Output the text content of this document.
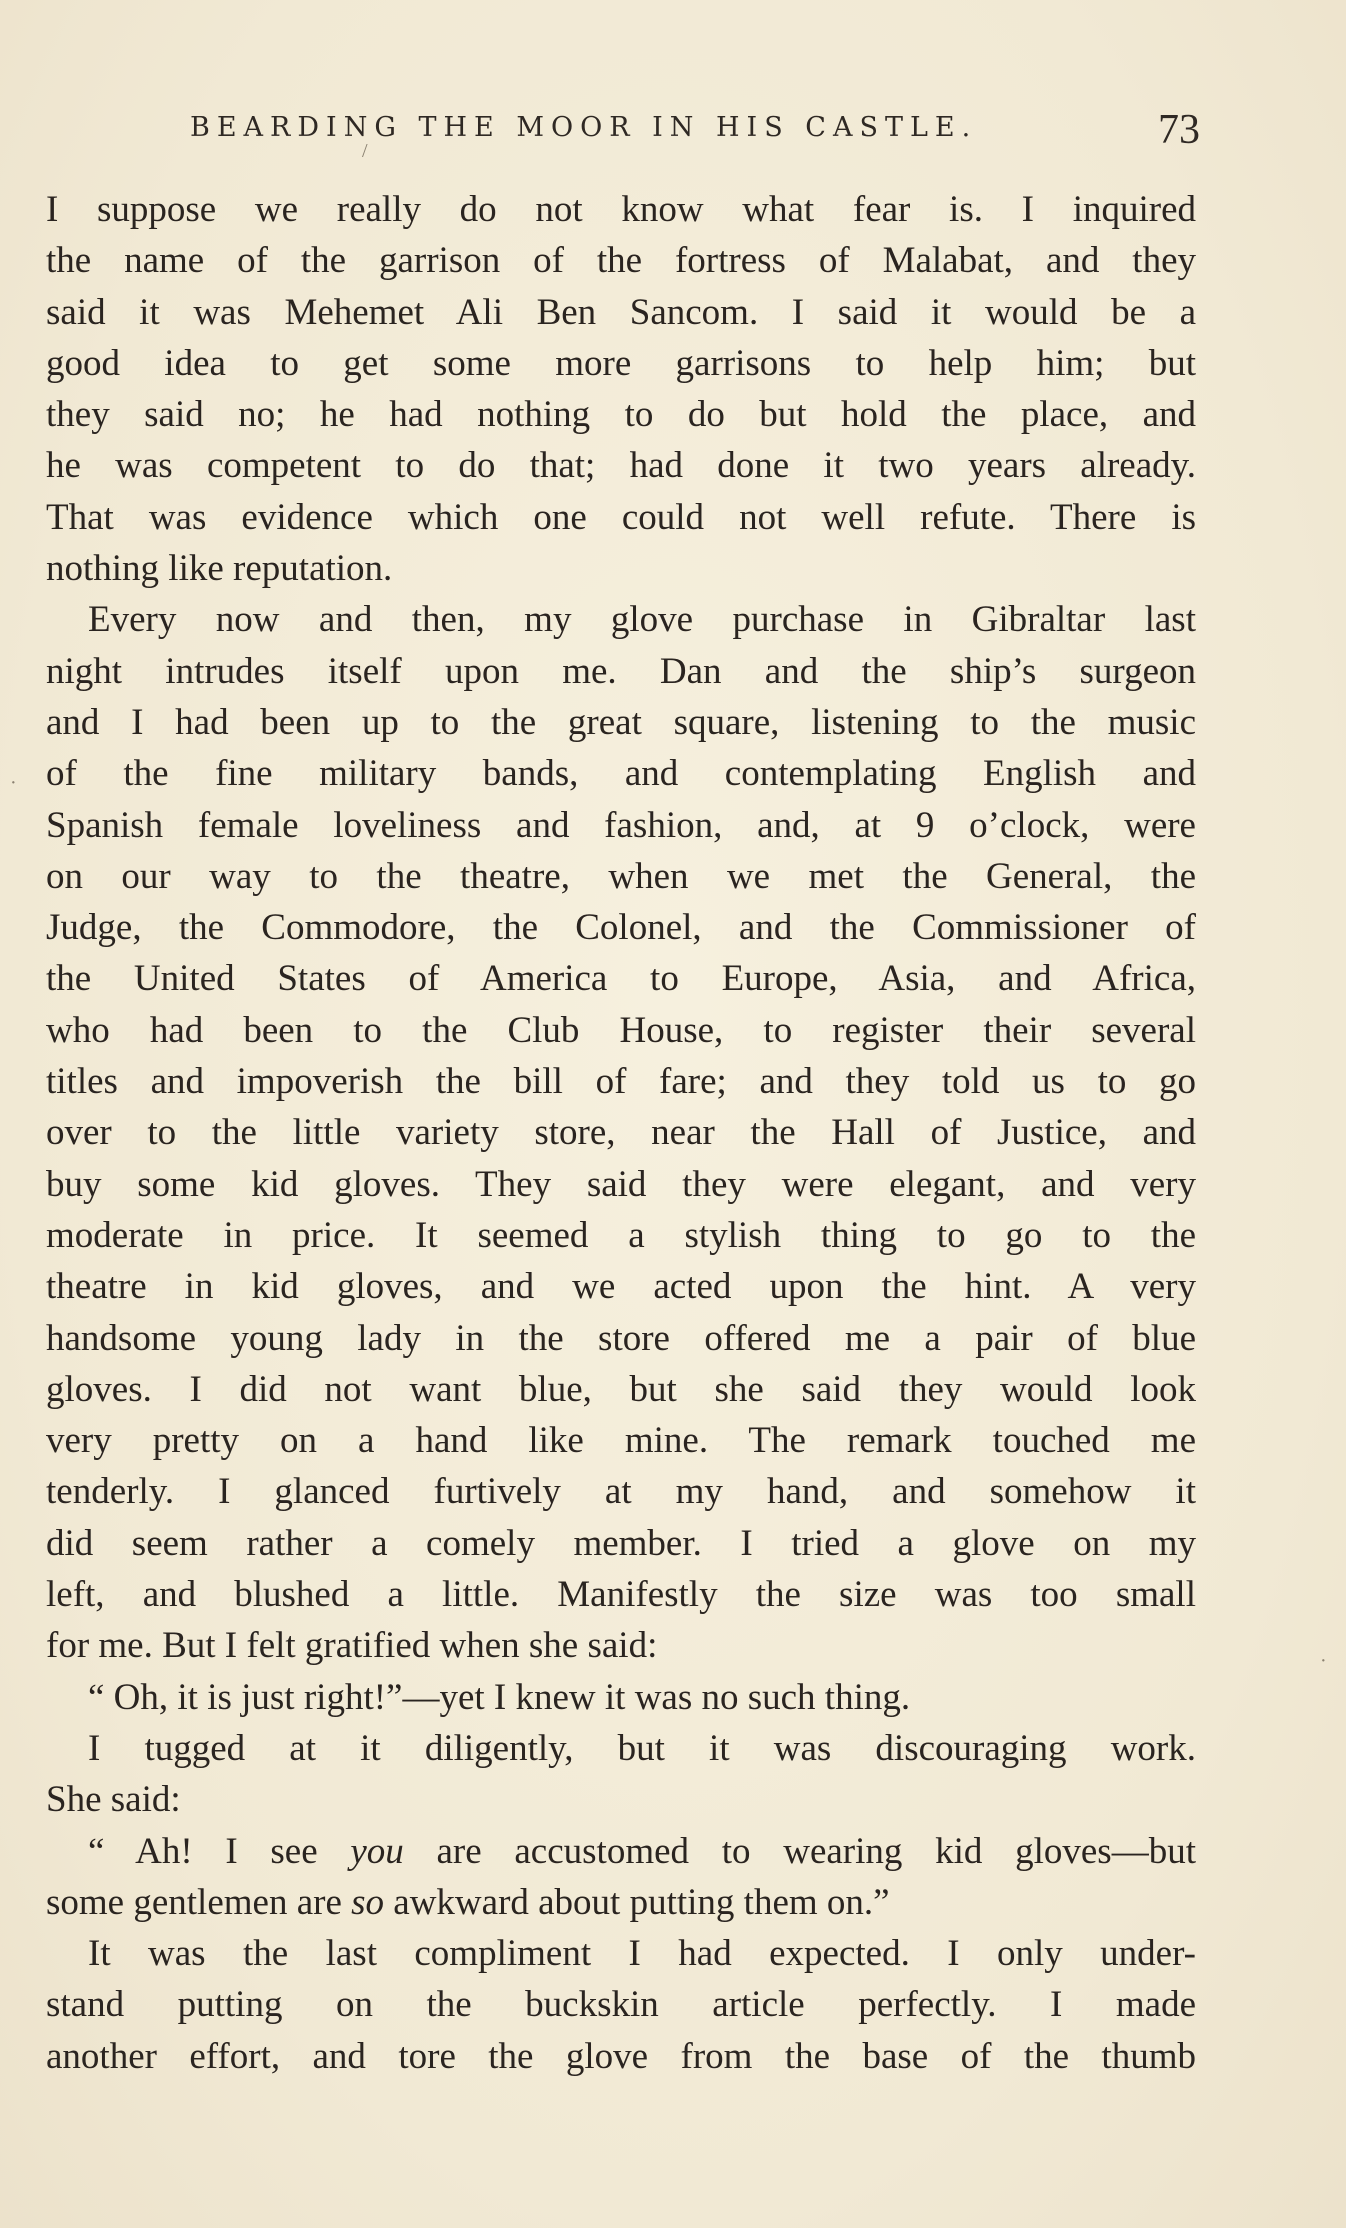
BEARDING THE MOOR IN HIS CASTLE.	73
I suppose we really do not know what fear is. I inquired
the name of the garrison of the fortress of Malabat, and they
said it was Mehemet Ali Ben Sancom. I said it would be a
good idea to get some more garrisons to help him; but
they said no; he had nothing to do but hold the place, and
he was competent to do that; had done it two years already.
That was evidence which one could not well refute. There is
nothing like reputation.
Every now and then, my glove purchase in Gibraltar last
night intrudes itself upon me. Dan and the ship’s surgeon
and I had been up to the great square, listening to the music
of the fine military bands, and contemplating English and
Spanish female loveliness and fashion, and, at 9 o’clock, were
on our way to the theatre, when we met the General, the
Judge, the Commodore, the Colonel, and the Commissioner of
the United States of America to Europe, Asia, and Africa,
who had been to the Club House, to register their several
titles and impoverish the bill of fare; and they told us to go
over to the little variety store, near the Hall of Justice, and
buy some kid gloves. They said they were elegant, and very
moderate in price. It seemed a stylish thing to go to the
theatre in kid gloves, and we acted upon the hint. A very
handsome young lady in the store offered me a pair of blue
gloves. I did not want blue, but she said they would look
very pretty on a hand like mine. The remark touched me
tenderly. I glanced furtively at my hand, and somehow it
did seem rather a comely member. I tried a glove on my
left, and blushed a little. Manifestly the size was too small
for me. But I felt gratified when she said:
“ Oh, it is just right!”—yet I knew it was no such thing.
I tugged at it diligently, but it was discouraging work.
She said:
“ Ah! I see you are accustomed to wearing kid gloves—but
some gentlemen are so awkward about putting them on.”
It was the last compliment I had expected. I only under-
stand putting on the buckskin article perfectly. I made
another effort, and tore the glove from the base of the thumb
/
·
·
